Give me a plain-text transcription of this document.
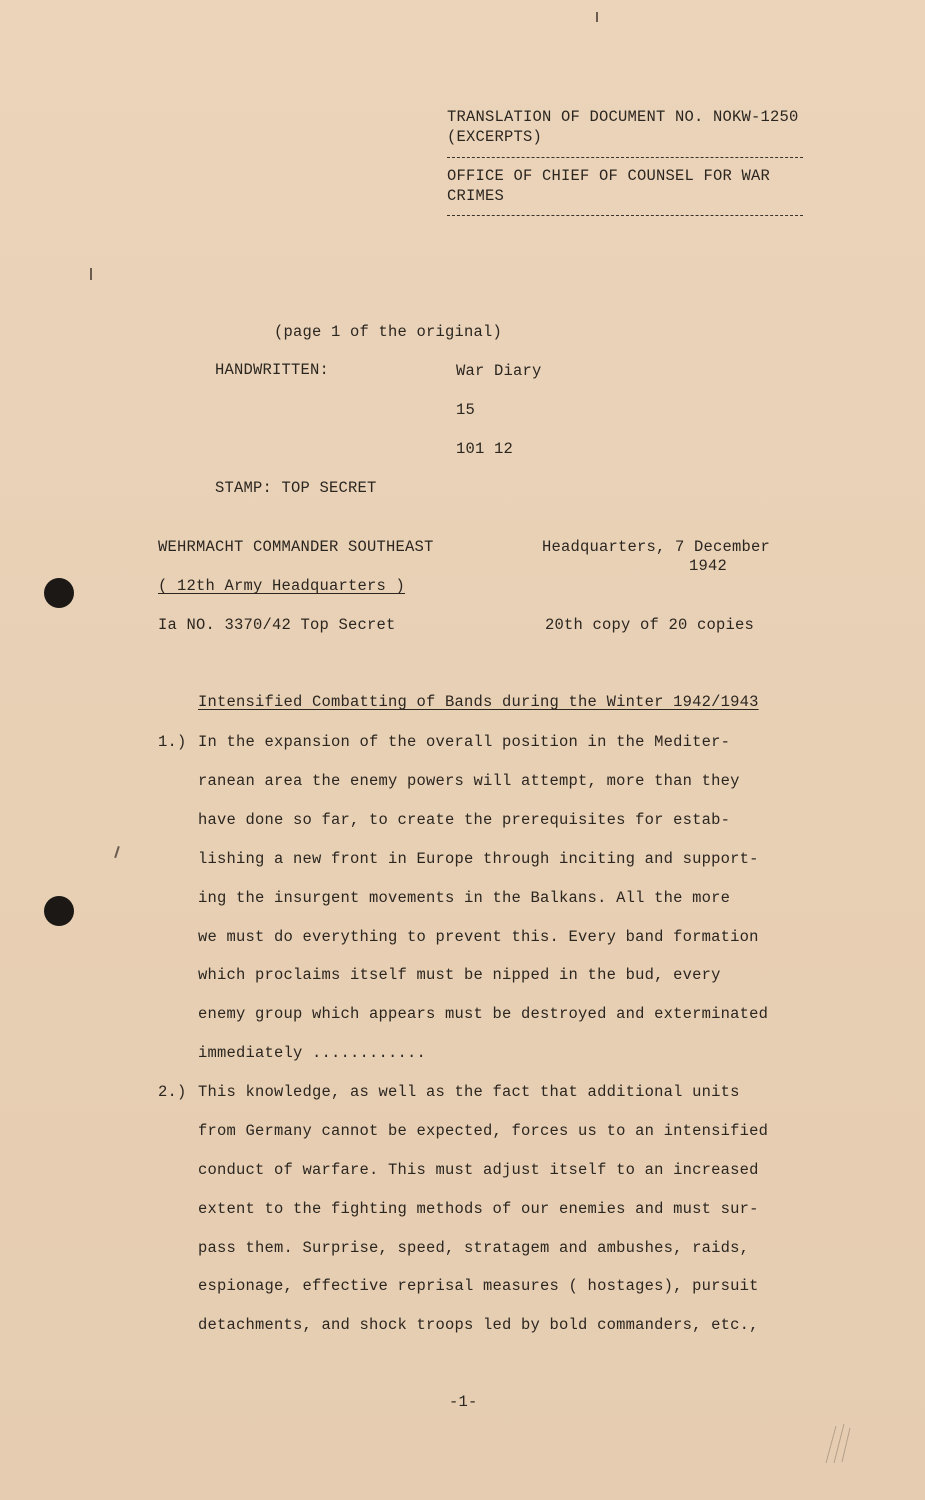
TRANSLATION OF DOCUMENT NO. NOKW-1250
(EXCERPTS)
OFFICE OF CHIEF OF COUNSEL FOR WAR
CRIMES
(page 1 of the original)
HANDWRITTEN:	War Diary
15
101 12
STAMP: TOP SECRET
WEHRMACHT COMMANDER SOUTHEAST
( 12th Army Headquarters )
Ia NO. 3370/42 Top Secret
Headquarters, 7 December
1942
20th copy of 20 copies
Intensified Combatting of Bands during the Winter 1942/1943
1.) In the expansion of the overall position in the Mediter-
ranean area the enemy powers will attempt, more than they
have done so far, to create the prerequisites for estab-
lishing a new front in Europe through inciting and support-
ing the insurgent movements in the Balkans. All the more
we must do everything to prevent this. Every band formation
which proclaims itself must be nipped in the bud, every
enemy group which appears must be destroyed and exterminated
immediately ............
2.) This knowledge, as well as the fact that additional units
from Germany cannot be expected, forces us to an intensified
conduct of warfare. This must adjust itself to an increased
extent to the fighting methods of our enemies and must sur-
pass them. Surprise, speed, stratagem and ambushes, raids,
espionage, effective reprisal measures ( hostages), pursuit
detachments, and shock troops led by bold commanders, etc.,
-1-
